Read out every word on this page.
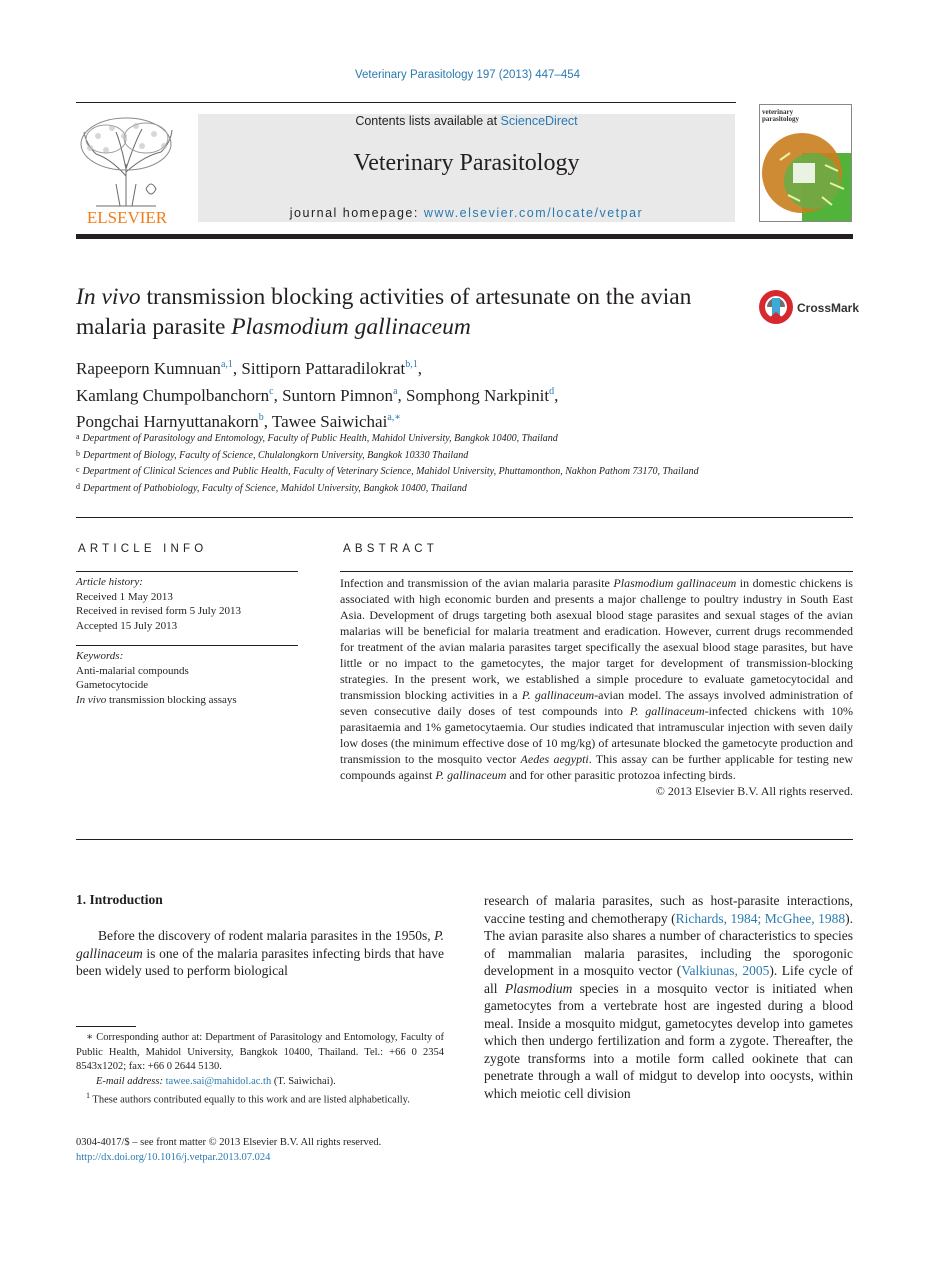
Veterinary Parasitology 197 (2013) 447–454
ELSEVIER
Contents lists available at ScienceDirect
Veterinary Parasitology
journal homepage: www.elsevier.com/locate/vetpar
veterinary
parasitology
In vivo transmission blocking activities of artesunate on the avian malaria parasite Plasmodium gallinaceum
CrossMark
Rapeeporn Kumnuan$^{a,1}$, Sittiporn Pattaradilokrat$^{b,1}$,
Kamlang Chumpolbanchorn$^c$, Suntorn Pimnon$^a$, Somphong Narkpinit$^d$,
Pongchai Harnyuttanakorn$^b$, Tawee Saiwichai$^{a,∗}$
$^a$ Department of Parasitology and Entomology, Faculty of Public Health, Mahidol University, Bangkok 10400, Thailand
$^b$ Department of Biology, Faculty of Science, Chulalongkorn University, Bangkok 10330 Thailand
$^c$ Department of Clinical Sciences and Public Health, Faculty of Veterinary Science, Mahidol University, Phuttamonthon, Nakhon Pathom 73170, Thailand
$^d$ Department of Pathobiology, Faculty of Science, Mahidol University, Bangkok 10400, Thailand
ARTICLE INFO
Article history:
Received 1 May 2013
Received in revised form 5 July 2013
Accepted 15 July 2013
Keywords:
Anti-malarial compounds
Gametocytocide
In vivo transmission blocking assays
ABSTRACT
Infection and transmission of the avian malaria parasite Plasmodium gallinaceum in domestic chickens is associated with high economic burden and presents a major challenge to poultry industry in South East Asia. Development of drugs targeting both asexual blood stage parasites and sexual stages of the avian malarias will be beneficial for malaria treatment and eradication. However, current drugs recommended for treatment of the avian malaria parasites target specifically the asexual blood stage parasites, but have little or no impact to the gametocytes, the major target for development of transmission-blocking strategies. In the present work, we established a simple procedure to evaluate gametocytocidal and transmission blocking activities in a P. gallinaceum-avian model. The assays involved administration of seven consecutive daily doses of test compounds into P. gallinaceum-infected chickens with 10% parasitaemia and 1% gametocytaemia. Our studies indicated that intramuscular injection with seven daily low doses (the minimum effective dose of 10 mg/kg) of artesunate blocked the gametocyte production and transmission to the mosquito vector Aedes aegypti. This assay can be further applicable for testing new compounds against P. gallinaceum and for other parasitic protozoa infecting birds.
© 2013 Elsevier B.V. All rights reserved.
1. Introduction
Before the discovery of rodent malaria parasites in the 1950s, P. gallinaceum is one of the malaria parasites infecting birds that have been widely used to perform biological
research of malaria parasites, such as host-parasite interactions, vaccine testing and chemotherapy (Richards, 1984; McGhee, 1988). The avian parasite also shares a number of characteristics to species of mammalian malaria parasites, including the sporogonic development in a mosquito vector (Valkiunas, 2005). Life cycle of all Plasmodium species in a mosquito vector is initiated when gametocytes from a vertebrate host are ingested during a blood meal. Inside a mosquito midgut, gametocytes develop into gametes which then undergo fertilization and form a zygote. Thereafter, the zygote transforms into a motile form called ookinete that can penetrate through a wall of midgut to develop into oocysts, within which meiotic cell division
∗ Corresponding author at: Department of Parasitology and Entomology, Faculty of Public Health, Mahidol University, Bangkok 10400, Thailand. Tel.: +66 0 2354 8543x1202; fax: +66 0 2644 5130.
E-mail address: tawee.sai@mahidol.ac.th (T. Saiwichai).
$^1$ These authors contributed equally to this work and are listed alphabetically.
0304-4017/$ – see front matter © 2013 Elsevier B.V. All rights reserved.
http://dx.doi.org/10.1016/j.vetpar.2013.07.024
